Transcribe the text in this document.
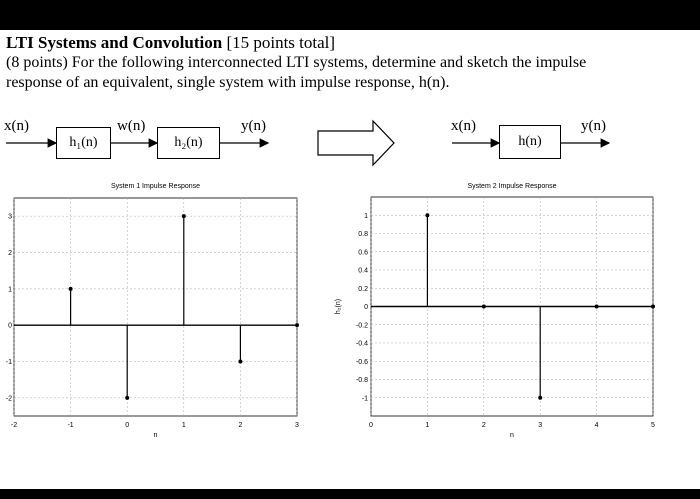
LTI Systems and Convolution [15 points total]
(8 points) For the following interconnected LTI systems, determine and sketch the impulse
response of an equivalent, single system with impulse response, h(n).
x(n)
h₁(n)
w(n)
h₂(n)
y(n)	x(n)
h(n)
y(n)
-2	-1	0	1	2	3
-2
-1
0
1
2
3
System 1 Impulse Response
n
0	1	2	3	4	5
-1
-0.8
-0.6
-0.4
-0.2
0
0.2
0.4
0.6
0.8
1
System 2 Impulse Response
n
h₂(n)
